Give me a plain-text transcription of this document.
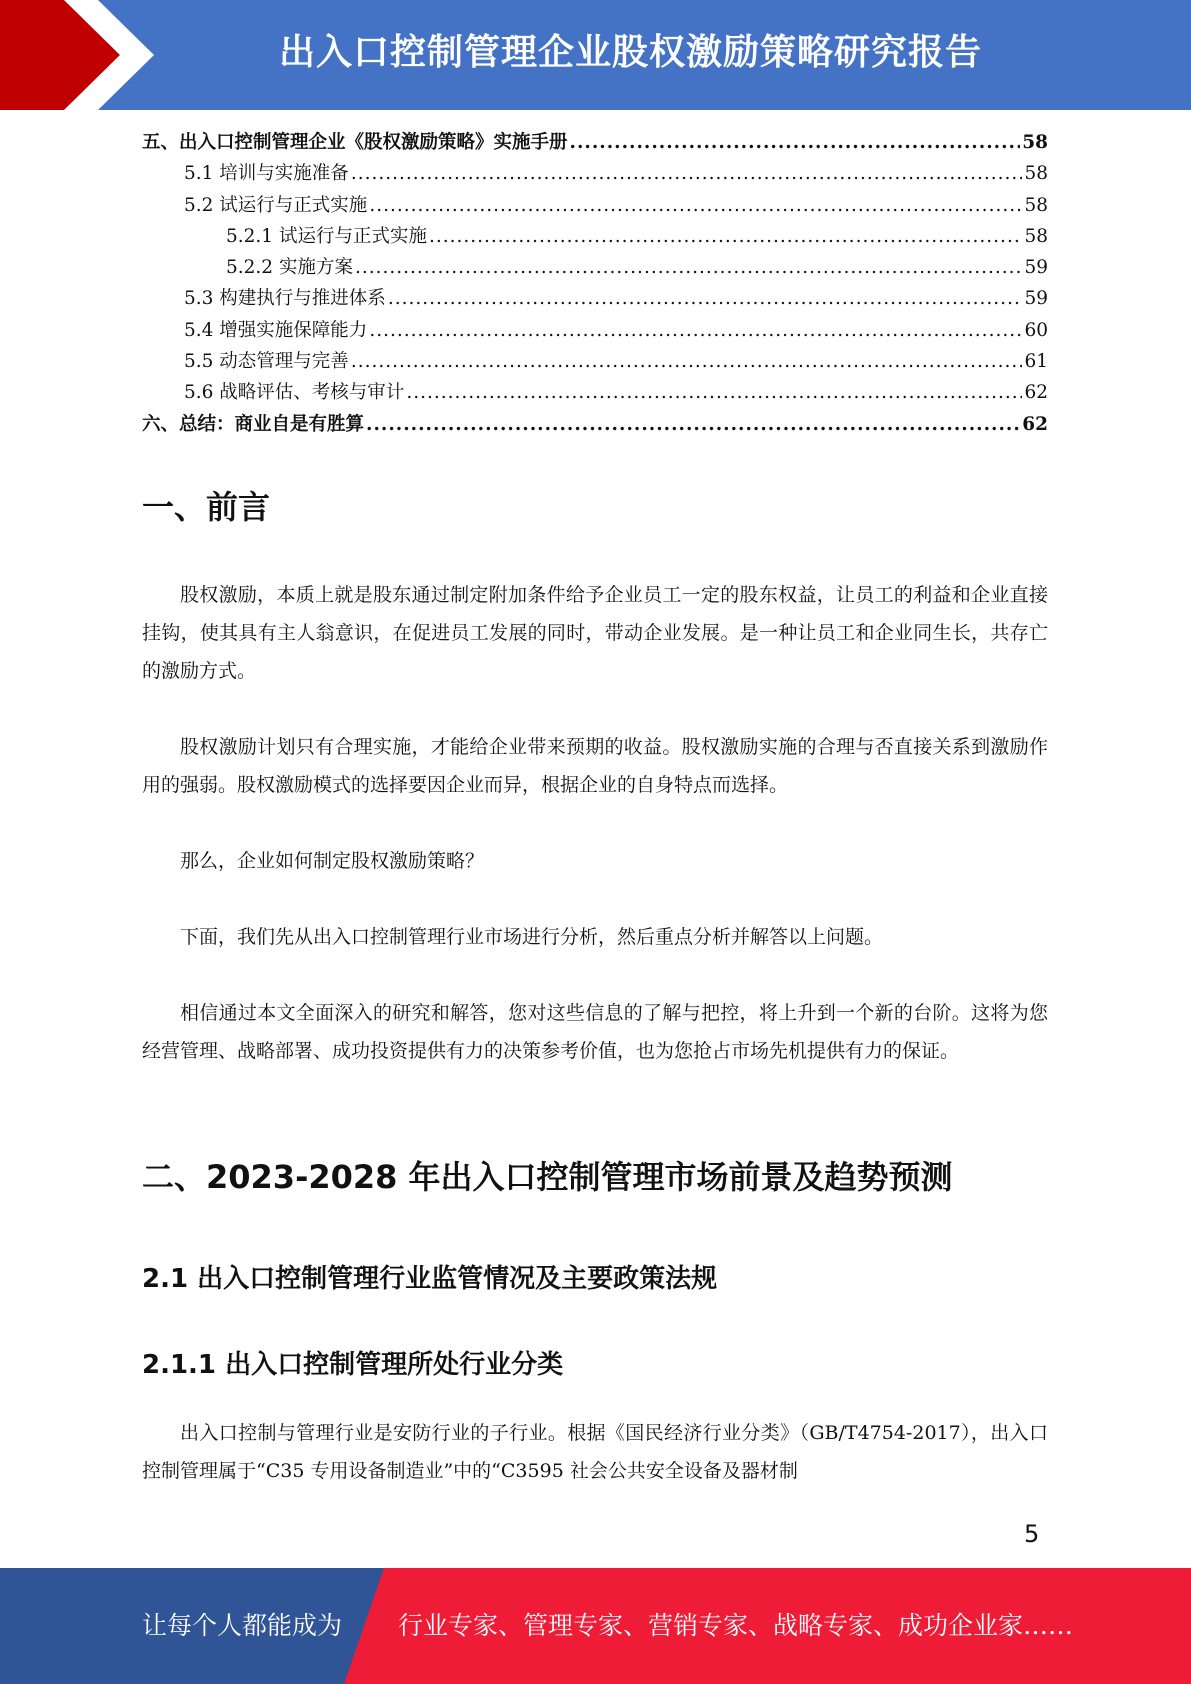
出入口控制管理企业股权激励策略研究报告
五、出入口控制管理企业《股权激励策略》实施手册 .....	58
5.1 培训与实施准备 .....	58
5.2 试运行与正式实施 .....	58
5.2.1 试运行与正式实施 .....	58
5.2.2 实施方案 .....	59
5.3 构建执行与推进体系 .....	59
5.4 增强实施保障能力 .....	60
5.5 动态管理与完善 .....	61
5.6 战略评估、考核与审计 .....	62
六、总结：商业自是有胜算 .....	62
一、前言

股权激励，本质上就是股东通过制定附加条件给予企业员工一定的股东权益，让员工的利益和企业直接挂钩，使其具有主人翁意识，在促进员工发展的同时，带动企业发展。是一种让员工和企业同生长，共存亡的激励方式。

股权激励计划只有合理实施，才能给企业带来预期的收益。股权激励实施的合理与否直接关系到激励作用的强弱。股权激励模式的选择要因企业而异，根据企业的自身特点而选择。

那么，企业如何制定股权激励策略？

下面，我们先从出入口控制管理行业市场进行分析，然后重点分析并解答以上问题。

相信通过本文全面深入的研究和解答，您对这些信息的了解与把控，将上升到一个新的台阶。这将为您经营管理、战略部署、成功投资提供有力的决策参考价值，也为您抢占市场先机提供有力的保证。

二、2023-2028 年出入口控制管理市场前景及趋势预测
2.1 出入口控制管理行业监管情况及主要政策法规
2.1.1 出入口控制管理所处行业分类

出入口控制与管理行业是安防行业的子行业。根据《国民经济行业分类》（GB/T4754-2017），出入口控制管理属于“C35 专用设备制造业”中的“C3595 社会公共安全设备及器材制

5
让每个人都能成为 行业专家、管理专家、营销专家、战略专家、成功企业家……
